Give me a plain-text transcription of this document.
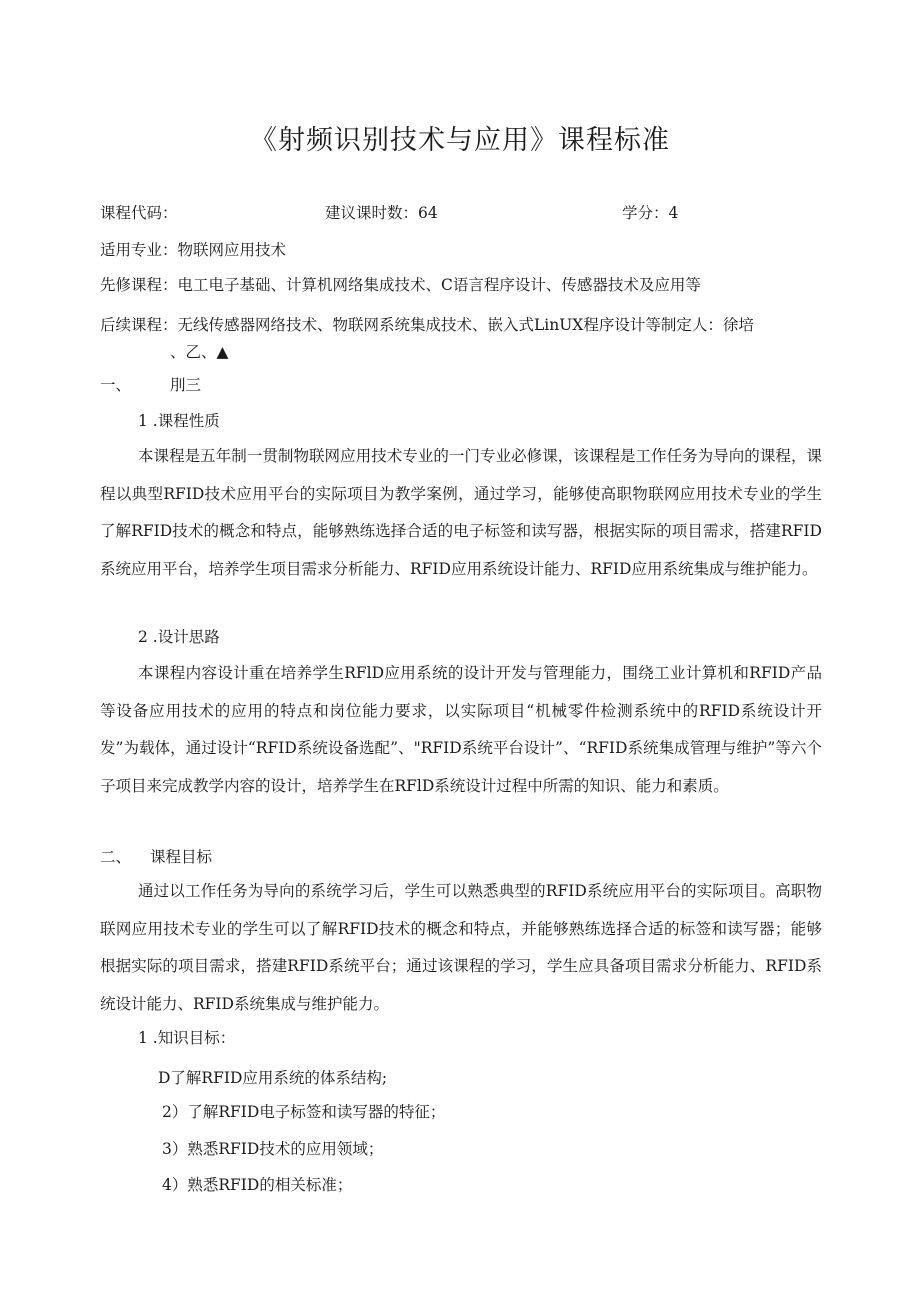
《射频识别技术与应用》课程标准
课程代码：	建议课时数：64	学分：4
适用专业：物联网应用技术
先修课程：电工电子基础、计算机网络集成技术、C语言程序设计、传感器技术及应用等
后续课程：无线传感器网络技术、物联网系统集成技术、嵌入式LinUX程序设计等制定人：徐培
、乙、▲
一、	刖三
1 .课程性质
本课程是五年制一贯制物联网应用技术专业的一门专业必修课，该课程是工作任务为导向的课程，课程以典型RFID技术应用平台的实际项目为教学案例，通过学习，能够使高职物联网应用技术专业的学生了解RFID技术的概念和特点，能够熟练选择合适的电子标签和读写器，根据实际的项目需求，搭建RFID系统应用平台，培养学生项目需求分析能力、RFID应用系统设计能力、RFID应用系统集成与维护能力。
2 .设计思路
本课程内容设计重在培养学生RFlD应用系统的设计开发与管理能力，围绕工业计算机和RFID产品等设备应用技术的应用的特点和岗位能力要求，以实际项目“机械零件检测系统中的RFID系统设计开发”为载体，通过设计“RFID系统设备选配”、"RFID系统平台设计”、“RFID系统集成管理与维护”等六个子项目来完成教学内容的设计，培养学生在RFlD系统设计过程中所需的知识、能力和素质。
二、 课程目标
通过以工作任务为导向的系统学习后，学生可以熟悉典型的RFID系统应用平台的实际项目。高职物联网应用技术专业的学生可以了解RFID技术的概念和特点，并能够熟练选择合适的标签和读写器；能够根据实际的项目需求，搭建RFID系统平台；通过该课程的学习，学生应具备项目需求分析能力、RFID系统设计能力、RFID系统集成与维护能力。
1 .知识目标：
D了解RFID应用系统的体系结构;
2）了解RFID电子标签和读写器的特征；
3）熟悉RFID技术的应用领域；
4）熟悉RFID的相关标准；
